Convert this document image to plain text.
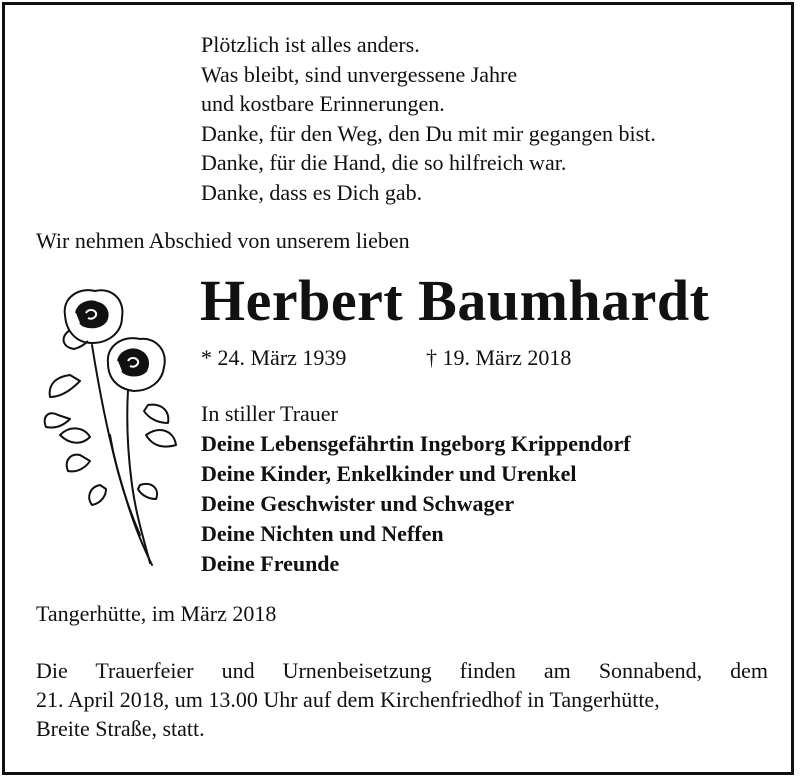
Plötzlich ist alles anders.
Was bleibt, sind unvergessene Jahre
und kostbare Erinnerungen.
Danke, für den Weg, den Du mit mir gegangen bist.
Danke, für die Hand, die so hilfreich war.
Danke, dass es Dich gab.
Wir nehmen Abschied von unserem lieben
Herbert Baumhardt
* 24. März 1939	† 19. März 2018
In stiller Trauer
Deine Lebensgefährtin Ingeborg Krippendorf
Deine Kinder, Enkelkinder und Urenkel
Deine Geschwister und Schwager
Deine Nichten und Neffen
Deine Freunde
Tangerhütte, im März 2018
Die Trauerfeier und Urnenbeisetzung finden am Sonnabend, dem
21. April 2018, um 13.00 Uhr auf dem Kirchenfriedhof in Tangerhütte,
Breite Straße, statt.
